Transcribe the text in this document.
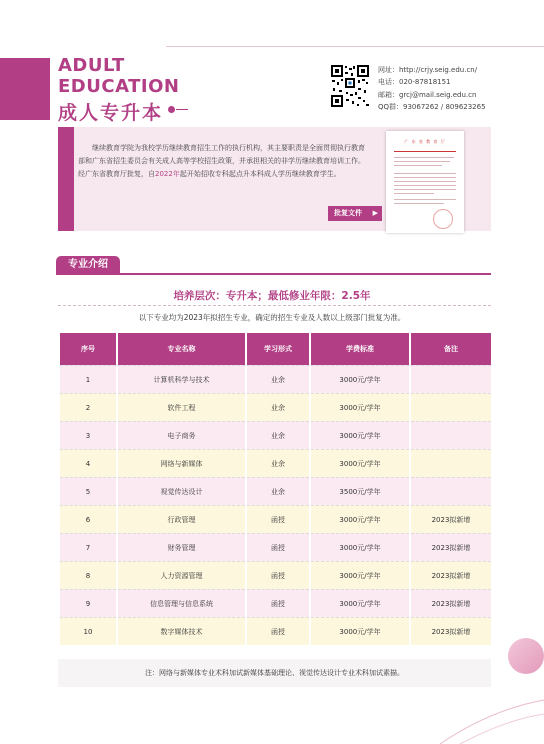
ADULT
EDUCATION
成人专升本
网址：http://crjy.seig.edu.cn/
电话：020-87818151
邮箱：grcj@mail.seig.edu.cn
QQ群：93067262 / 809623265
继续教育学院为我校学历继续教育招生工作的执行机构，其主要职责是全面贯彻执行教育部和广东省招生委员会有关成人高等学校招生政策，并承担相关的非学历继续教育培训工作。经广东省教育厅批复，自2022年起开始招收专科起点升本科成人学历继续教育学生。
广 东 省 教 育 厅
批复文件	▶
专业介绍
培养层次：专升本；最低修业年限：2.5年
以下专业均为2023年拟招生专业，确定的招生专业及人数以上级部门批复为准。
序号	专业名称	学习形式	学费标准	备注
1	计算机科学与技术	业余	3000元/学年	
2	软件工程	业余	3000元/学年	
3	电子商务	业余	3000元/学年	
4	网络与新媒体	业余	3000元/学年	
5	视觉传达设计	业余	3500元/学年	
6	行政管理	函授	3000元/学年	2023拟新增
7	财务管理	函授	3000元/学年	2023拟新增
8	人力资源管理	函授	3000元/学年	2023拟新增
9	信息管理与信息系统	函授	3000元/学年	2023拟新增
10	数字媒体技术	函授	3000元/学年	2023拟新增
注：网络与新媒体专业术科加试新媒体基础理论、视觉传达设计专业术科加试素描。
